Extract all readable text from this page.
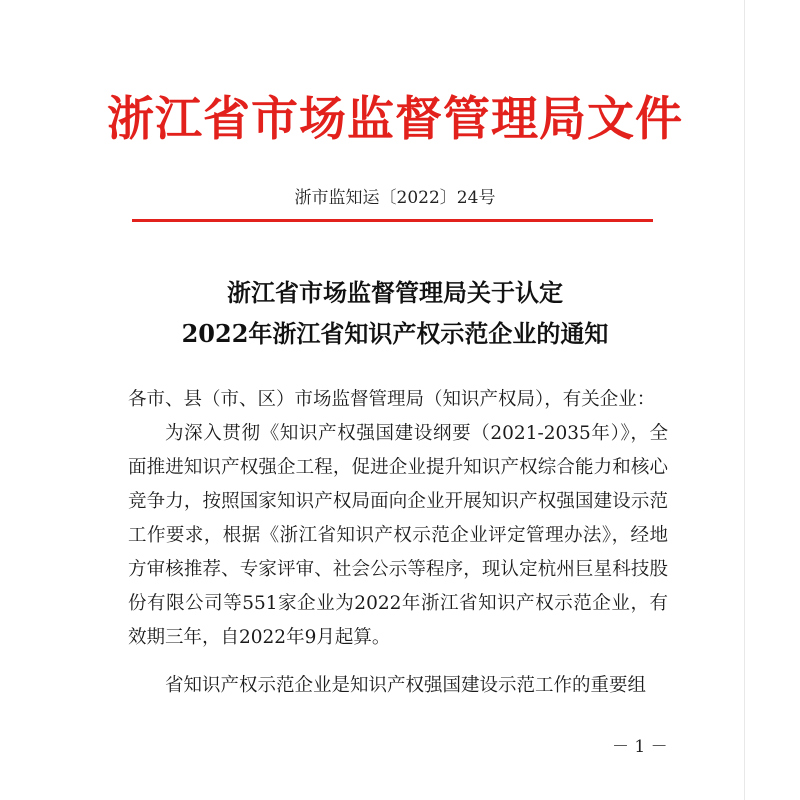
浙江省市场监督管理局文件
浙市监知运〔2022〕24号
浙江省市场监督管理局关于认定
2022年浙江省知识产权示范企业的通知
各市、县（市、区）市场监督管理局（知识产权局），有关企业：
为深入贯彻《知识产权强国建设纲要（2021-2035年）》，全面推进知识产权强企工程，促进企业提升知识产权综合能力和核心竞争力，按照国家知识产权局面向企业开展知识产权强国建设示范工作要求，根据《浙江省知识产权示范企业评定管理办法》，经地方审核推荐、专家评审、社会公示等程序，现认定杭州巨星科技股份有限公司等551家企业为2022年浙江省知识产权示范企业，有效期三年，自2022年9月起算。
省知识产权示范企业是知识产权强国建设示范工作的重要组
－ 1 －
